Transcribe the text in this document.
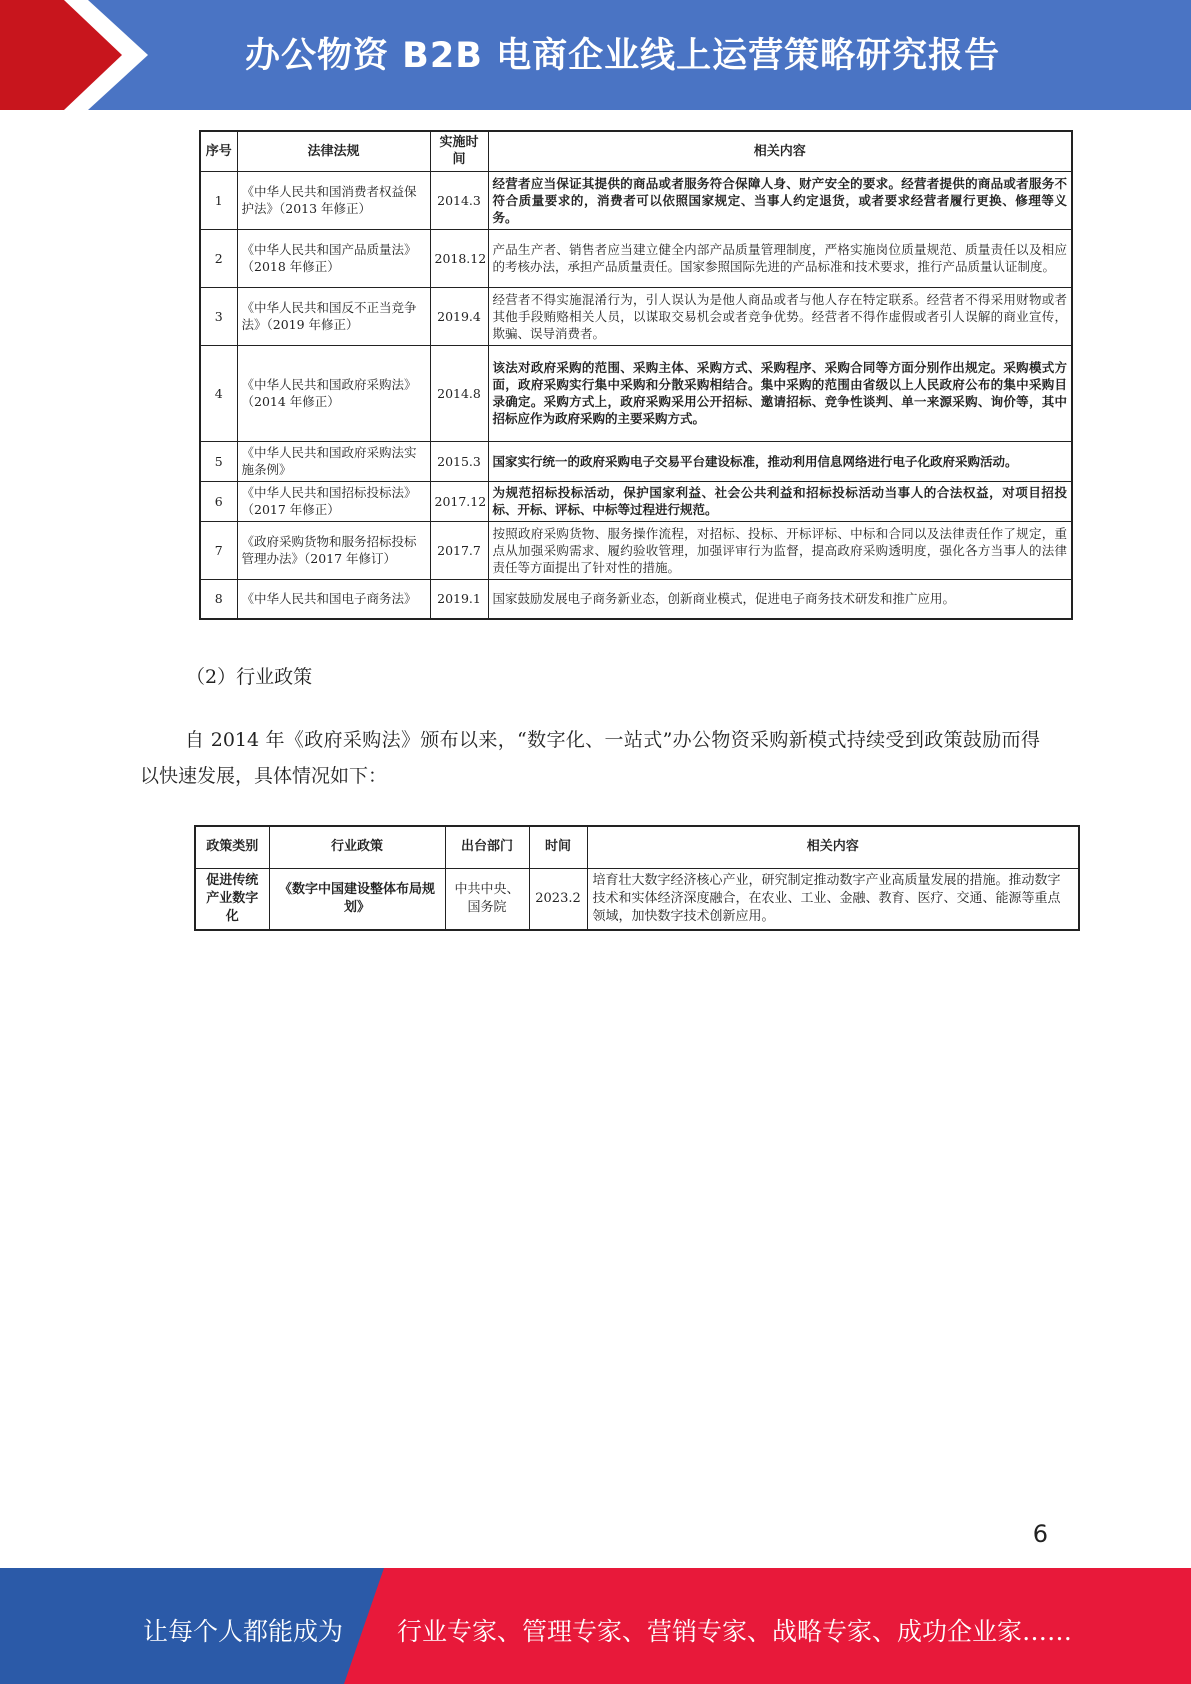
办公物资 B2B 电商企业线上运营策略研究报告
序号	法律法规	实施时间	相关内容
1	《中华人民共和国消费者权益保护法》（2013 年修正）	2014.3	经营者应当保证其提供的商品或者服务符合保障人身、财产安全的要求。经营者提供的商品或者服务不符合质量要求的，消费者可以依照国家规定、当事人约定退货，或者要求经营者履行更换、修理等义务。
2	《中华人民共和国产品质量法》（2018 年修正）	2018.12	产品生产者、销售者应当建立健全内部产品质量管理制度，严格实施岗位质量规范、质量责任以及相应的考核办法，承担产品质量责任。国家参照国际先进的产品标准和技术要求，推行产品质量认证制度。
3	《中华人民共和国反不正当竞争法》（2019 年修正）	2019.4	经营者不得实施混淆行为，引人误认为是他人商品或者与他人存在特定联系。经营者不得采用财物或者其他手段贿赂相关人员，以谋取交易机会或者竞争优势。经营者不得作虚假或者引人误解的商业宣传，欺骗、误导消费者。
4	《中华人民共和国政府采购法》（2014 年修正）	2014.8	该法对政府采购的范围、采购主体、采购方式、采购程序、采购合同等方面分别作出规定。采购模式方面，政府采购实行集中采购和分散采购相结合。集中采购的范围由省级以上人民政府公布的集中采购目录确定。采购方式上，政府采购采用公开招标、邀请招标、竞争性谈判、单一来源采购、询价等，其中招标应作为政府采购的主要采购方式。
5	《中华人民共和国政府采购法实施条例》	2015.3	国家实行统一的政府采购电子交易平台建设标准，推动利用信息网络进行电子化政府采购活动。
6	《中华人民共和国招标投标法》（2017 年修正）	2017.12	为规范招标投标活动，保护国家利益、社会公共利益和招标投标活动当事人的合法权益，对项目招投标、开标、评标、中标等过程进行规范。
7	《政府采购货物和服务招标投标管理办法》（2017 年修订）	2017.7	按照政府采购货物、服务操作流程，对招标、投标、开标评标、中标和合同以及法律责任作了规定，重点从加强采购需求、履约验收管理，加强评审行为监督，提高政府采购透明度，强化各方当事人的法律责任等方面提出了针对性的措施。
8	《中华人民共和国电子商务法》	2019.1	国家鼓励发展电子商务新业态，创新商业模式，促进电子商务技术研发和推广应用。
（2）行业政策
自 2014 年《政府采购法》颁布以来，“数字化、一站式”办公物资采购新模式持续受到政策鼓励而得以快速发展，具体情况如下：
政策类别	行业政策	出台部门	时间	相关内容
促进传统产业数字化	《数字中国建设整体布局规划》	中共中央、国务院	2023.2	培育壮大数字经济核心产业，研究制定推动数字产业高质量发展的措施。推动数字技术和实体经济深度融合，在农业、工业、金融、教育、医疗、交通、能源等重点领域，加快数字技术创新应用。
6
让每个人都能成为 行业专家、管理专家、营销专家、战略专家、成功企业家……
